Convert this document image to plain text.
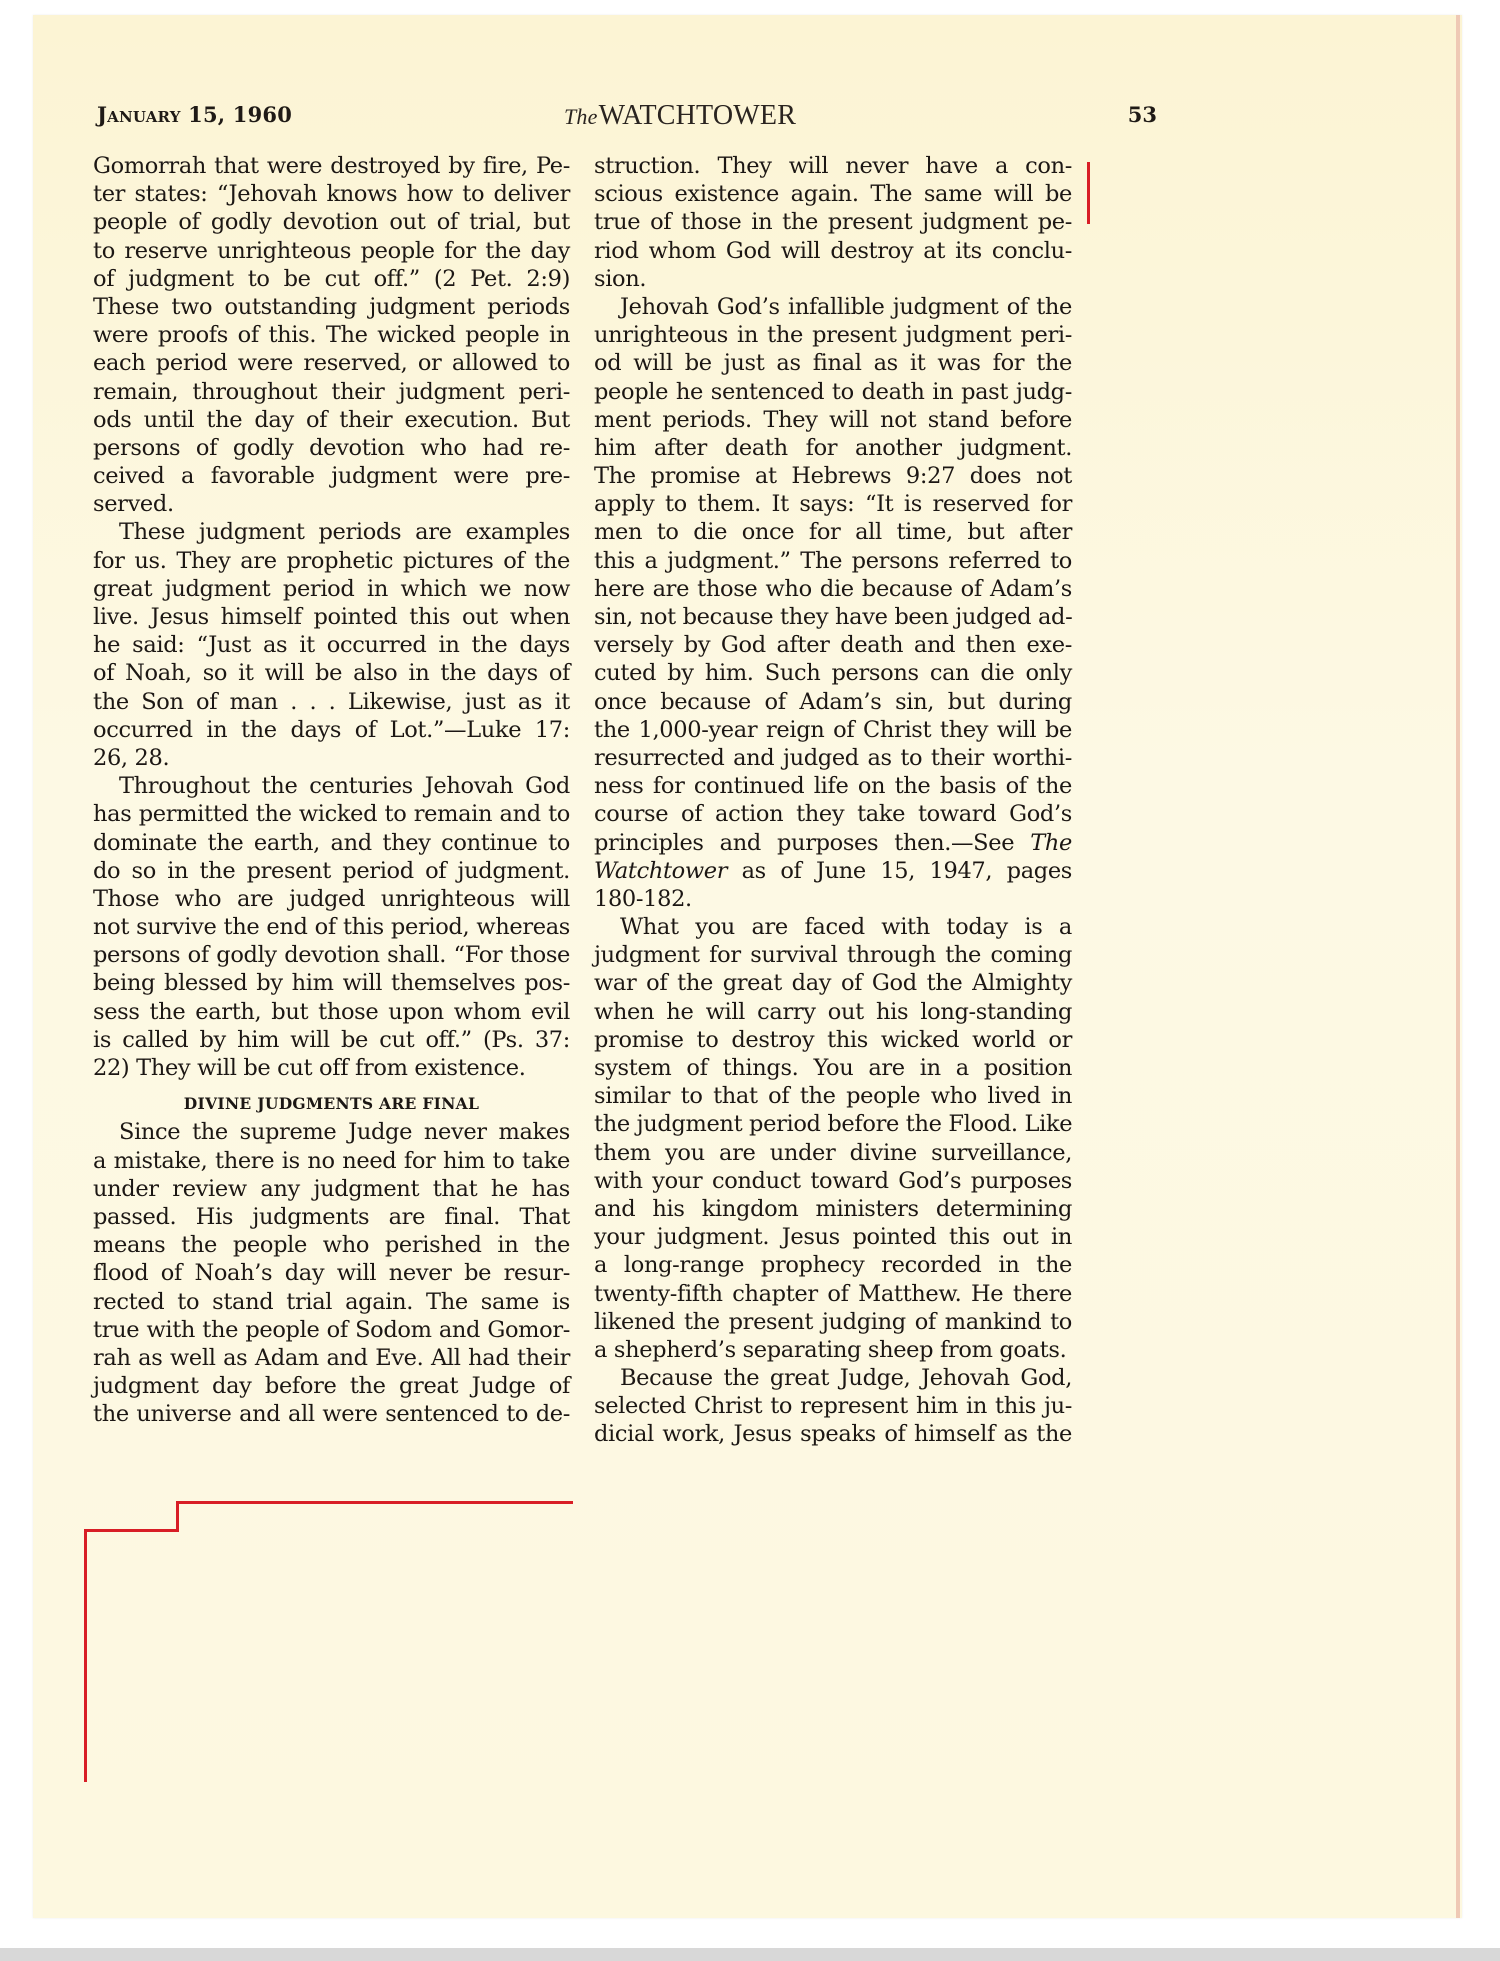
January 15, 1960	TheWATCHTOWER	53
Gomorrah that were destroyed by fire, Pe-
ter states: “Jehovah knows how to deliver
people of godly devotion out of trial, but
to reserve unrighteous people for the day
of judgment to be cut off.” (2 Pet. 2:9)
These two outstanding judgment periods
were proofs of this. The wicked people in
each period were reserved, or allowed to
remain, throughout their judgment peri-
ods until the day of their execution. But
persons of godly devotion who had re-
ceived a favorable judgment were pre-
served.
These judgment periods are examples
for us. They are prophetic pictures of the
great judgment period in which we now
live. Jesus himself pointed this out when
he said: “Just as it occurred in the days
of Noah, so it will be also in the days of
the Son of man . . . Likewise, just as it
occurred in the days of Lot.”—Luke 17:
26, 28.
Throughout the centuries Jehovah God
has permitted the wicked to remain and to
dominate the earth, and they continue to
do so in the present period of judgment.
Those who are judged unrighteous will
not survive the end of this period, whereas
persons of godly devotion shall. “For those
being blessed by him will themselves pos-
sess the earth, but those upon whom evil
is called by him will be cut off.” (Ps. 37:
22) They will be cut off from existence.
DIVINE JUDGMENTS ARE FINAL
Since the supreme Judge never makes
a mistake, there is no need for him to take
under review any judgment that he has
passed. His judgments are final. That
means the people who perished in the
flood of Noah’s day will never be resur-
rected to stand trial again. The same is
true with the people of Sodom and Gomor-
rah as well as Adam and Eve. All had their
judgment day before the great Judge of
the universe and all were sentenced to de-
struction. They will never have a con-
scious existence again. The same will be
true of those in the present judgment pe-
riod whom God will destroy at its conclu-
sion.
Jehovah God’s infallible judgment of the
unrighteous in the present judgment peri-
od will be just as final as it was for the
people he sentenced to death in past judg-
ment periods. They will not stand before
him after death for another judgment.
The promise at Hebrews 9:27 does not
apply to them. It says: “It is reserved for
men to die once for all time, but after
this a judgment.” The persons referred to
here are those who die because of Adam’s
sin, not because they have been judged ad-
versely by God after death and then exe-
cuted by him. Such persons can die only
once because of Adam’s sin, but during
the 1,000-year reign of Christ they will be
resurrected and judged as to their worthi-
ness for continued life on the basis of the
course of action they take toward God’s
principles and purposes then.—See The
Watchtower as of June 15, 1947, pages
180-182.
What you are faced with today is a
judgment for survival through the coming
war of the great day of God the Almighty
when he will carry out his long-standing
promise to destroy this wicked world or
system of things. You are in a position
similar to that of the people who lived in
the judgment period before the Flood. Like
them you are under divine surveillance,
with your conduct toward God’s purposes
and his kingdom ministers determining
your judgment. Jesus pointed this out in
a long-range prophecy recorded in the
twenty-fifth chapter of Matthew. He there
likened the present judging of mankind to
a shepherd’s separating sheep from goats.
Because the great Judge, Jehovah God,
selected Christ to represent him in this ju-
dicial work, Jesus speaks of himself as the
